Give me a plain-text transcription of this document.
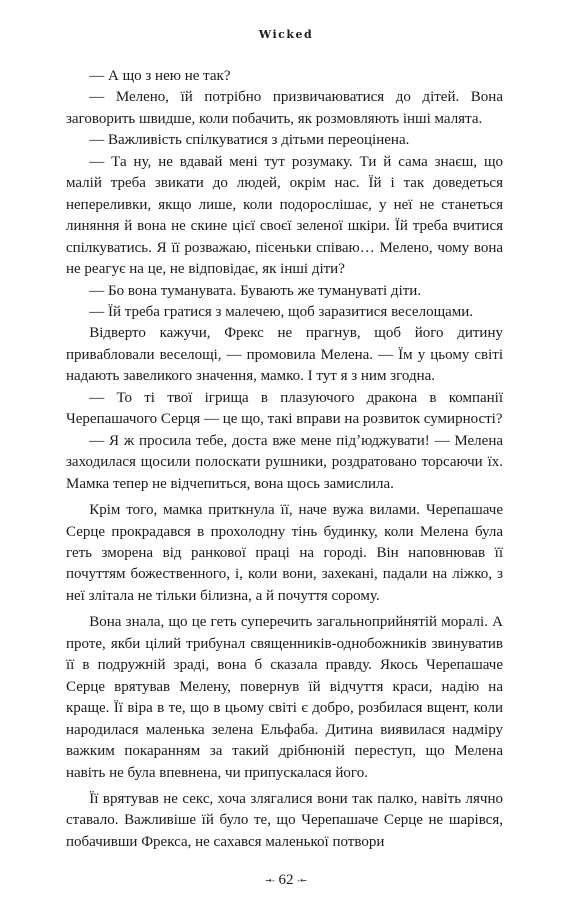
Wicked

— А що з нею не так?

— Мелено, їй потрібно призвичаюватися до дітей. Вона заговорить швидше, коли побачить, як розмовляють інші малята.

— Важливість спілкуватися з дітьми переоцінена.

— Та ну, не вдавай мені тут розумаку. Ти й сама знаєш, що малій треба звикати до людей, окрім нас. Їй і так доведеться непереливки, якщо лише, коли подорослішає, у неї не станеться линяння й вона не скине цієї своєї зеленої шкіри. Їй треба вчитися спілкуватись. Я її розважаю, пісеньки співаю… Мелено, чому вона не реагує на це, не відповідає, як інші діти?

— Бо вона туманувата. Бувають же тумануваті діти.

— Їй треба гратися з малечею, щоб заразитися веселощами.

Відверто кажучи, Фрекс не прагнув, щоб його дитину привабловали веселощі, — промовила Мелена. — Їм у цьому світі надають завеликого значення, мамко. І тут я з ним згодна.

— То ті твої ігрища в плазуючого дракона в компанії Черепашачого Серця — це що, такі вправи на розвиток сумирності?

— Я ж просила тебе, доста вже мене підʼюджувати! — Мелена заходилася щосили полоскати рушники, роздратовано торсаючи їх. Мамка тепер не відчепиться, вона щось замислила.

Крім того, мамка приткнула її, наче вужа вилами. Черепашаче Серце прокрадався в прохолодну тінь будинку, коли Мелена була геть зморена від ранкової праці на городі. Він наповнював її почуттям божественного, і, коли вони, захекані, падали на ліжко, з неї злітала не тільки білизна, а й почуття сорому.

Вона знала, що це геть суперечить загальноприйнятій моралі. А проте, якби цілий трибунал священників-однобожників звинуватив її в подружній зраді, вона б сказала правду. Якось Черепашаче Серце врятував Мелену, повернув їй відчуття краси, надію на краще. Її віра в те, що в цьому світі є добро, розбилася вщент, коли народилася маленька зелена Ельфаба. Дитина виявилася надміру важким покаранням за такий дрібнюній переступ, що Мелена навіть не була впевнена, чи припускалася його.

Її врятував не секс, хоча злягалися вони так палко, навіть лячно ставало. Важливіше їй було те, що Черепашаче Серце не шарівся, побачивши Фрекса, не сахався маленької потвори

→- 62 -←
